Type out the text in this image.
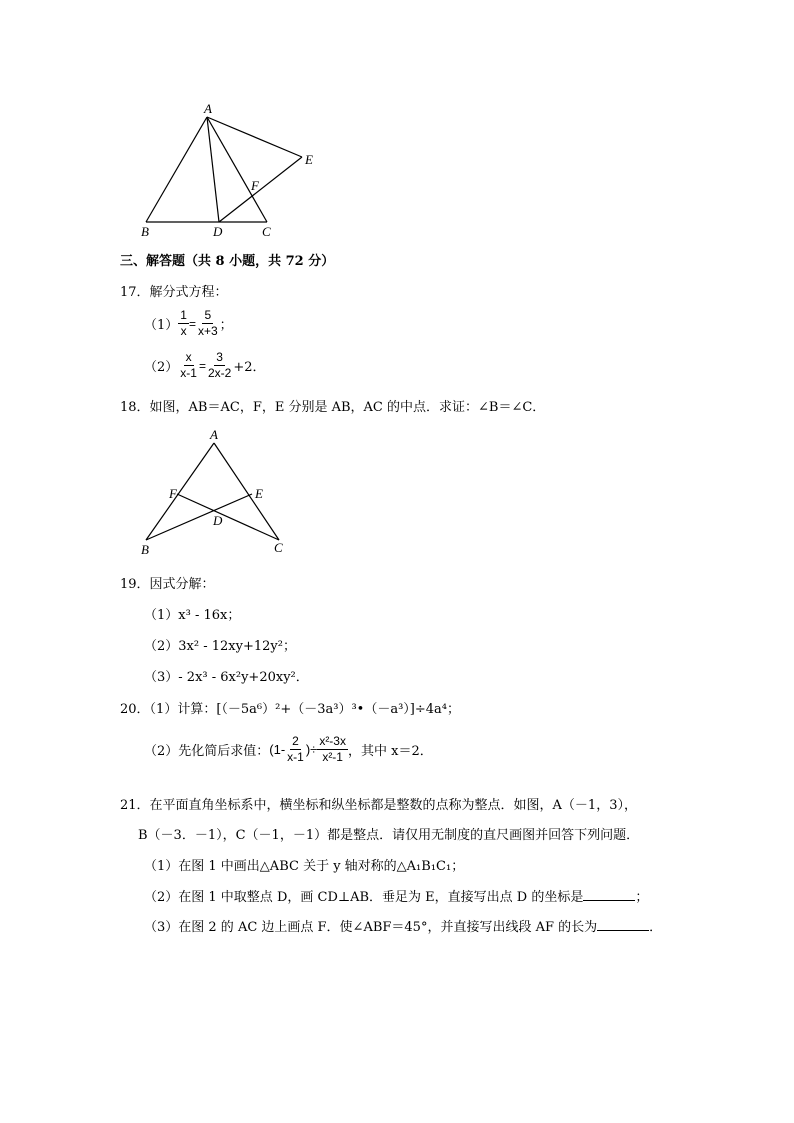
A
B	D	C
E
F
三、解答题（共 8 小题，共 72 分）
17．解分式方程：
$(1) \frac{1}{x} = \frac{5}{x+3}$ ；
$(2) \frac{x}{x-1} = \frac{3}{2x-2} +2$．
18．如图，AB＝AC，F，E 分别是 AB，AC 的中点．求证：∠B＝∠C．
A
F	E
D
B	C
19．因式分解：
（1）x³ - 16x；
（2）3x² - 12xy+12y²；
（3）- 2x³ - 6x²y+20xy²．
20．（1）计算：[（－5a⁶）²+（－3a³）³•（－a³）]÷4a⁴；
（2）先化简后求值： ($1- \frac{2}{x-1}$ )÷ $\frac{\text{x²-3x}}{\text{x²-1}}$ ，其中 x＝2．
21．在平面直角坐标系中，横坐标和纵坐标都是整数的点称为整点．如图，A（－1，3），
B（－3．－1），C（－1，－1）都是整点．请仅用无制度的直尺画图并回答下列问题．
（1）在图 1 中画出△ABC 关于 y 轴对称的△A₁B₁C₁；
（2）在图 1 中取整点 D，画 CD⊥AB．垂足为 E，直接写出点 D 的坐标是	；
（3）在图 2 的 AC 边上画点 F．使∠ABF＝45°，并直接写出线段 AF 的长为	．
